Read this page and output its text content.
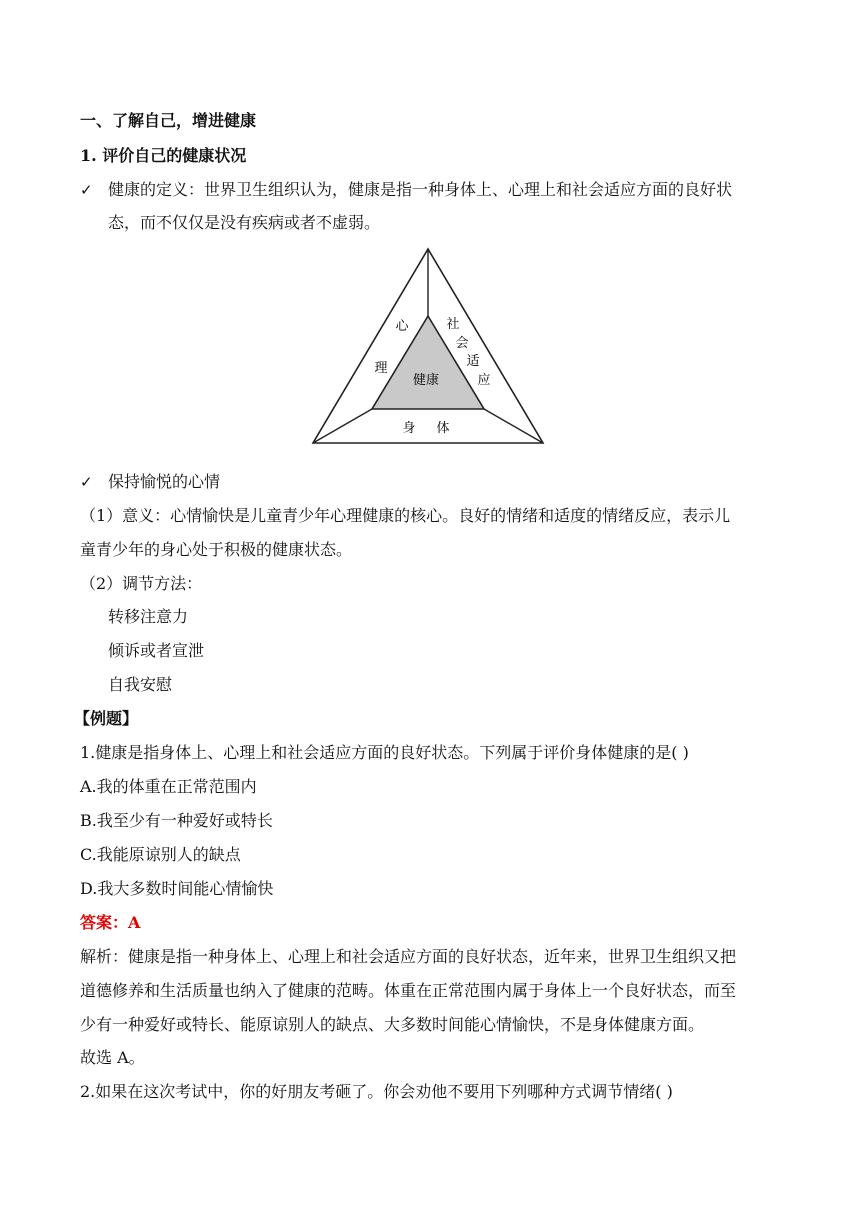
一、了解自己，增进健康
1. 评价自己的健康状况
✓ 健康的定义：世界卫生组织认为，健康是指一种身体上、心理上和社会适应方面的良好状
态，而不仅仅是没有疾病或者不虚弱。
健康
心
理
社
会
适
应
身 体
✓ 保持愉悦的心情
（1）意义：心情愉快是儿童青少年心理健康的核心。良好的情绪和适度的情绪反应，表示儿
童青少年的身心处于积极的健康状态。
（2）调节方法：
转移注意力
倾诉或者宣泄
自我安慰
【例题】
1.健康是指身体上、心理上和社会适应方面的良好状态。下列属于评价身体健康的是( )
A.我的体重在正常范围内
B.我至少有一种爱好或特长
C.我能原谅别人的缺点
D.我大多数时间能心情愉快
答案：A
解析：健康是指一种身体上、心理上和社会适应方面的良好状态，近年来，世界卫生组织又把
道德修养和生活质量也纳入了健康的范畴。体重在正常范围内属于身体上一个良好状态，而至
少有一种爱好或特长、能原谅别人的缺点、大多数时间能心情愉快，不是身体健康方面。
故选 A。
2.如果在这次考试中，你的好朋友考砸了。你会劝他不要用下列哪种方式调节情绪( )
